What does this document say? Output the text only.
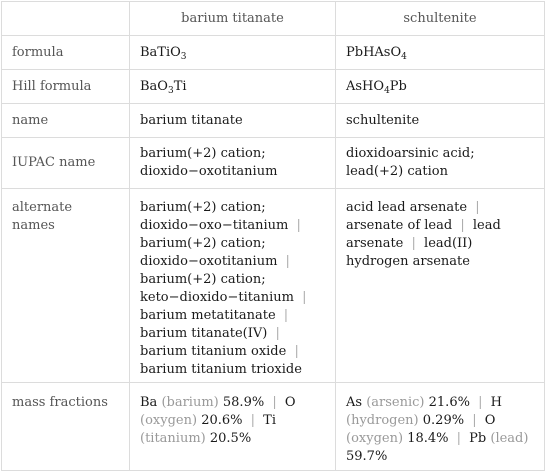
	barium titanate	schultenite
formula	BaTiO$_3$	PbHAsO$_4$
Hill formula	BaO$_3$Ti	AsHO$_4$Pb
name	barium titanate	schultenite
IUPAC name	barium(+2) cation; dioxido−oxotitanium	dioxidoarsinic acid; lead(+2) cation
alternate names	barium(+2) cation; dioxido−oxo−titanium | barium(+2) cation; dioxido−oxotitanium | barium(+2) cation; keto−dioxido−titanium | barium metatitanate | barium titanate(IV) | barium titanium oxide | barium titanium trioxide	acid lead arsenate | arsenate of lead | lead arsenate | lead(II) hydrogen arsenate
mass fractions	Ba (barium) 58.9% | O (oxygen) 20.6% | Ti (titanium) 20.5%	As (arsenic) 21.6% | H (hydrogen) 0.29% | O (oxygen) 18.4% | Pb (lead) 59.7%
